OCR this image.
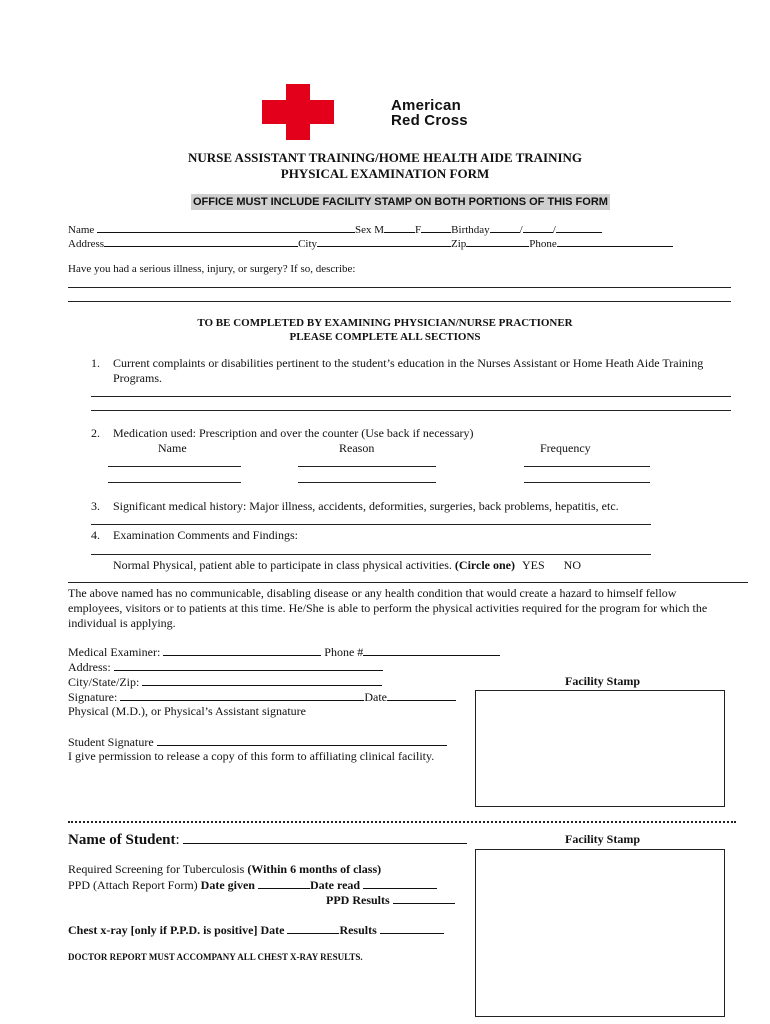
American
Red Cross
NURSE ASSISTANT TRAINING/HOME HEALTH AIDE TRAINING
PHYSICAL EXAMINATION FORM
OFFICE MUST INCLUDE FACILITY STAMP ON BOTH PORTIONS OF THIS FORM
Name	Sex M	F	Birthday	/	/
Address	City	Zip	Phone
Have you had a serious illness, injury, or surgery? If so, describe:
TO BE COMPLETED BY EXAMINING PHYSICIAN/NURSE PRACTIONER
PLEASE COMPLETE ALL SECTIONS
1. Current complaints or disabilities pertinent to the student’s education in the Nurses Assistant or Home Heath Aide Training
Programs.
2. Medication used: Prescription and over the counter (Use back if necessary)
Name	Reason	Frequency
3. Significant medical history: Major illness, accidents, deformities, surgeries, back problems, hepatitis, etc.
4. Examination Comments and Findings:
Normal Physical, patient able to participate in class physical activities. (Circle one) YES NO
The above named has no communicable, disabling disease or any health condition that would create a hazard to himself fellow
employees, visitors or to patients at this time. He/She is able to perform the physical activities required for the program for which the
individual is applying.
Medical Examiner:	Phone #
Address:
City/State/Zip:
Signature:	Date
Physical (M.D.), or Physical’s Assistant signature
Student Signature
I give permission to release a copy of this form to affiliating clinical facility.
Facility Stamp
Name of Student:	Facility Stamp
Required Screening for Tuberculosis (Within 6 months of class)
PPD (Attach Report Form) Date given	Date read
PPD Results
Chest x-ray [only if P.P.D. is positive] Date	Results
DOCTOR REPORT MUST ACCOMPANY ALL CHEST X-RAY RESULTS.
